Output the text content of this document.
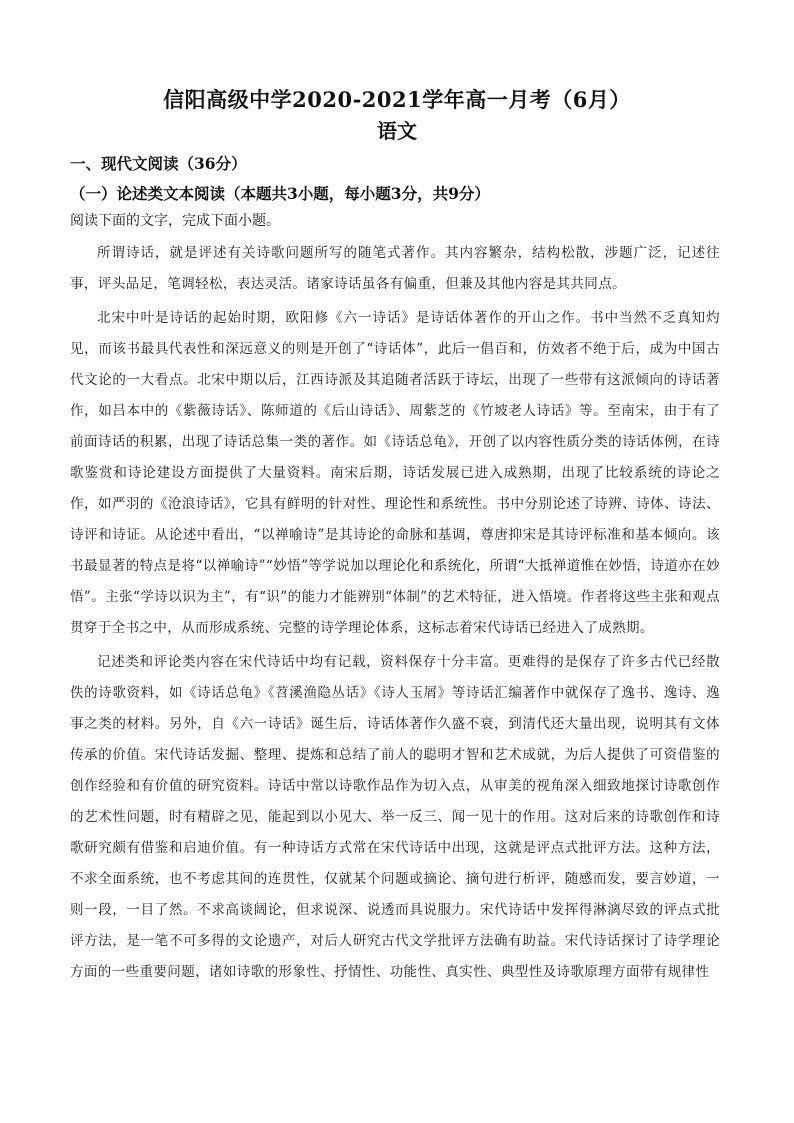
信阳高级中学2020-2021学年高一月考（6月）
语文
一、现代文阅读（36分）
（一）论述类文本阅读（本题共3小题，每小题3分，共9分）
阅读下面的文字，完成下面小题。

所谓诗话，就是评述有关诗歌问题所写的随笔式著作。其内容繁杂，结构松散，涉题广泛，记述往事，评头品足，笔调轻松，表达灵活。诸家诗话虽各有偏重，但兼及其他内容是其共同点。

北宋中叶是诗话的起始时期，欧阳修《六一诗话》是诗话体著作的开山之作。书中当然不乏真知灼见，而该书最具代表性和深远意义的则是开创了“诗话体”，此后一倡百和，仿效者不绝于后，成为中国古代文论的一大看点。北宋中期以后，江西诗派及其追随者活跃于诗坛，出现了一些带有这派倾向的诗话著作，如吕本中的《紫薇诗话》、陈师道的《后山诗话》、周紫芝的《竹坡老人诗话》等。至南宋，由于有了前面诗话的积累，出现了诗话总集一类的著作。如《诗话总龟》，开创了以内容性质分类的诗话体例，在诗歌鉴赏和诗论建设方面提供了大量资料。南宋后期，诗话发展已进入成熟期，出现了比较系统的诗论之作，如严羽的《沧浪诗话》，它具有鲜明的针对性、理论性和系统性。书中分别论述了诗辨、诗体、诗法、诗评和诗证。从论述中看出，“以禅喻诗”是其诗论的命脉和基调，尊唐抑宋是其诗评标准和基本倾向。该书最显著的特点是将“以禅喻诗”“妙悟”等学说加以理论化和系统化，所谓“大抵禅道惟在妙悟，诗道亦在妙悟”。主张“学诗以识为主”，有“识”的能力才能辨别“体制”的艺术特征，进入悟境。作者将这些主张和观点贯穿于全书之中，从而形成系统、完整的诗学理论体系，这标志着宋代诗话已经进入了成熟期。

记述类和评论类内容在宋代诗话中均有记载，资料保存十分丰富。更难得的是保存了许多古代已经散佚的诗歌资料，如《诗话总龟》《苕溪渔隐丛话》《诗人玉屑》等诗话汇编著作中就保存了逸书、逸诗、逸事之类的材料。另外，自《六一诗话》诞生后，诗话体著作久盛不衰，到清代还大量出现，说明其有文体传承的价值。宋代诗话发掘、整理、提炼和总结了前人的聪明才智和艺术成就，为后人提供了可资借鉴的创作经验和有价值的研究资料。诗话中常以诗歌作品作为切入点，从审美的视角深入细致地探讨诗歌创作的艺术性问题，时有精辟之见，能起到以小见大、举一反三、闻一见十的作用。这对后来的诗歌创作和诗歌研究颇有借鉴和启迪价值。有一种诗话方式常在宋代诗话中出现，这就是评点式批评方法。这种方法，不求全面系统，也不考虑其间的连贯性，仅就某个问题或摘论、摘句进行析评，随感而发，要言妙道，一则一段，一目了然。不求高谈阔论，但求说深、说透而具说服力。宋代诗话中发挥得淋漓尽致的评点式批评方法，是一笔不可多得的文论遗产，对后人研究古代文学批评方法确有助益。宋代诗话探讨了诗学理论方面的一些重要问题，诸如诗歌的形象性、抒情性、功能性、真实性、典型性及诗歌原理方面带有规律性
